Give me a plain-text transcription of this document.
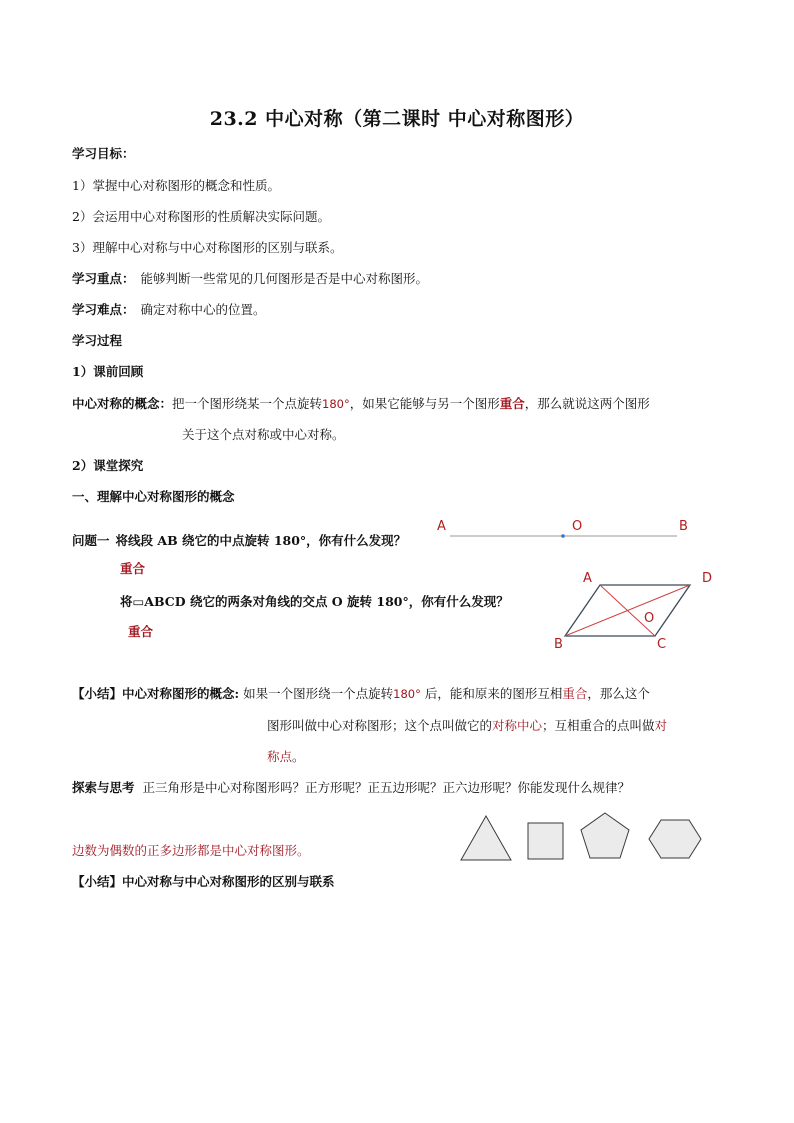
23.2 中心对称（第二课时 中心对称图形）
学习目标：
1）掌握中心对称图形的概念和性质。
2）会运用中心对称图形的性质解决实际问题。
3）理解中心对称与中心对称图形的区别与联系。
学习重点： 能够判断一些常见的几何图形是否是中心对称图形。
学习难点： 确定对称中心的位置。
学习过程
1）课前回顾
中心对称的概念：把一个图形绕某一个点旋转180°，如果它能够与另一个图形重合，那么就说这两个图形
关于这个点对称或中心对称。
2）课堂探究
一、理解中心对称图形的概念
问题一 将线段 AB 绕它的中点旋转 180°，你有什么发现？
重合
将▭ABCD 绕它的两条对角线的交点 O 旋转 180°，你有什么发现？
重合
A	O	B
A	D
O
B	C
【小结】中心对称图形的概念: 如果一个图形绕一个点旋转180° 后，能和原来的图形互相重合，那么这个
图形叫做中心对称图形；这个点叫做它的对称中心；互相重合的点叫做对
称点。
探索与思考 正三角形是中心对称图形吗？正方形呢？正五边形呢？正六边形呢？你能发现什么规律？
边数为偶数的正多边形都是中心对称图形。
【小结】中心对称与中心对称图形的区别与联系
